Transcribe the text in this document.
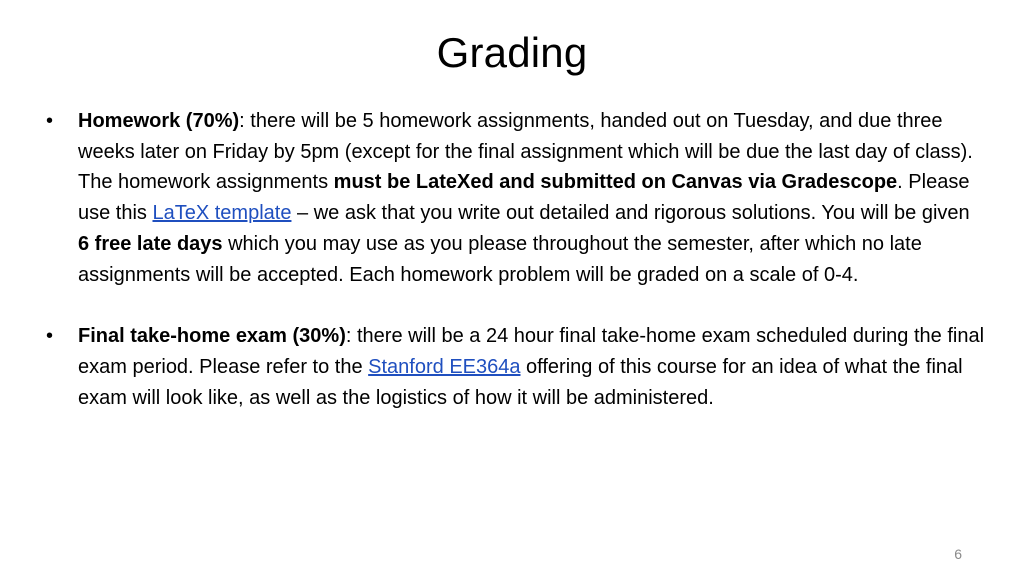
Grading
• Homework (70%): there will be 5 homework assignments, handed out on Tuesday, and due three weeks later on Friday by 5pm (except for the final assignment which will be due the last day of class). The homework assignments must be LateXed and submitted on Canvas via Gradescope. Please use this LaTeX template – we ask that you write out detailed and rigorous solutions. You will be given 6 free late days which you may use as you please throughout the semester, after which no late assignments will be accepted. Each homework problem will be graded on a scale of 0-4.
• Final take-home exam (30%): there will be a 24 hour final take-home exam scheduled during the final exam period. Please refer to the Stanford EE364a offering of this course for an idea of what the final exam will look like, as well as the logistics of how it will be administered.
6
